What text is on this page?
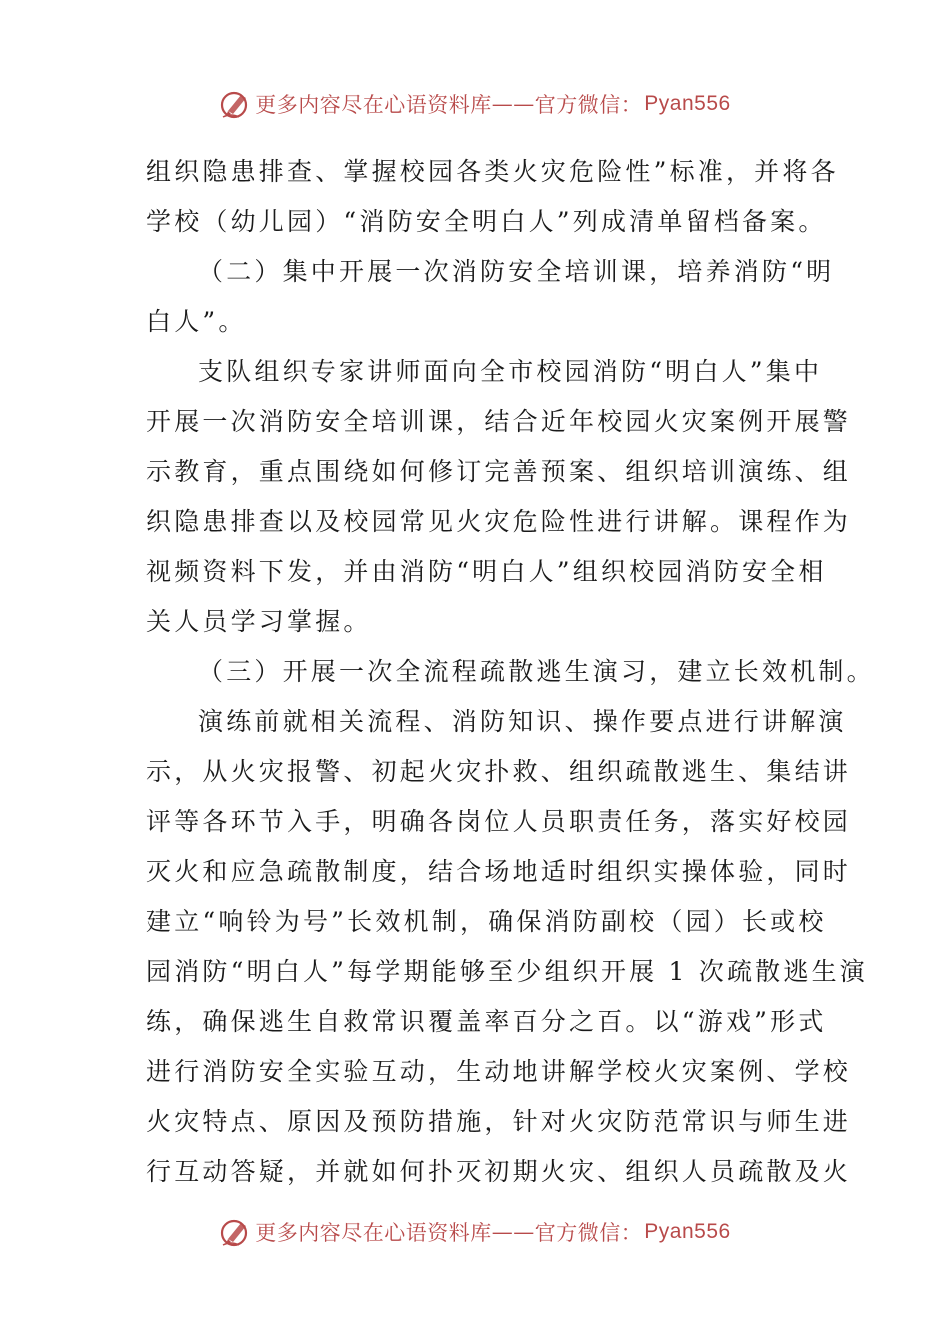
更多内容尽在心语资料库 —— 官方微信： Pyan556
组织隐患排查、掌握校园各类火灾危险性”标准，并将各
学校（幼儿园）“消防安全明白人”列成清单留档备案。
（二）集中开展一次消防安全培训课，培养消防“明
白人”。
支队组织专家讲师面向全市校园消防“明白人”集中
开展一次消防安全培训课，结合近年校园火灾案例开展警
示教育，重点围绕如何修订完善预案、组织培训演练、组
织隐患排查以及校园常见火灾危险性进行讲解。课程作为
视频资料下发，并由消防“明白人”组织校园消防安全相
关人员学习掌握。
（三）开展一次全流程疏散逃生演习，建立长效机制。
演练前就相关流程、消防知识、操作要点进行讲解演
示，从火灾报警、初起火灾扑救、组织疏散逃生、集结讲
评等各环节入手，明确各岗位人员职责任务，落实好校园
灭火和应急疏散制度，结合场地适时组织实操体验，同时
建立“响铃为号”长效机制，确保消防副校（园）长或校
园消防“明白人”每学期能够至少组织开展 1 次疏散逃生演
练，确保逃生自救常识覆盖率百分之百。以“游戏”形式
进行消防安全实验互动，生动地讲解学校火灾案例、学校
火灾特点、原因及预防措施，针对火灾防范常识与师生进
行互动答疑，并就如何扑灭初期火灾、组织人员疏散及火
更多内容尽在心语资料库 —— 官方微信： Pyan556
